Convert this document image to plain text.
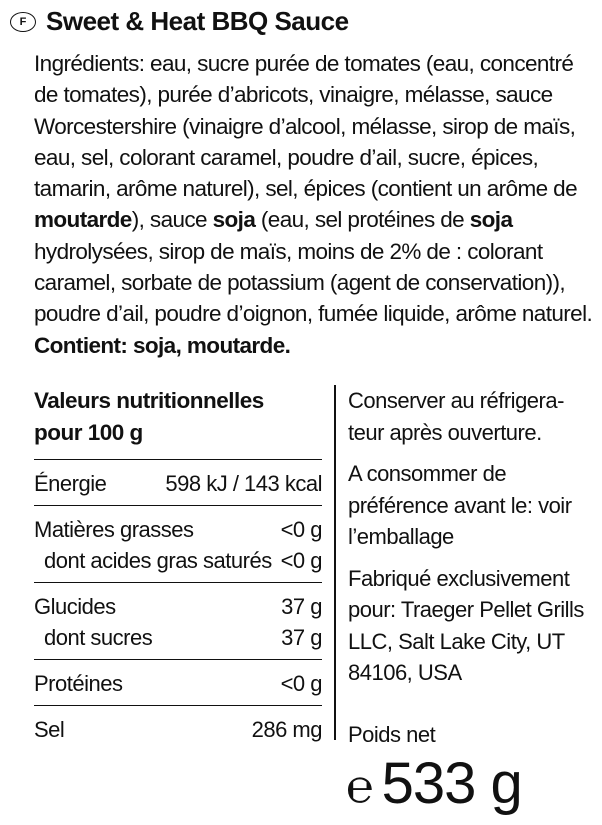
F Sweet & Heat BBQ Sauce
Ingrédients: eau, sucre purée de tomates (eau, concentré de tomates), purée d’abricots, vinaigre, mélasse, sauce Worcestershire (vinaigre d’alcool, mélasse, sirop de maïs, eau, sel, colorant caramel, poudre d’ail, sucre, épices, tamarin, arôme naturel), sel, épices (contient un arôme de moutarde), sauce soja (eau, sel protéines de soja hydrolysées, sirop de maïs, moins de 2% de : colorant caramel, sorbate de potassium (agent de conservation)), poudre d’ail, poudre d’oignon, fumée liquide, arôme naturel. Contient: soja, moutarde.
Valeurs nutritionnelles
pour 100 g
Énergie	598 kJ / 143 kcal
Matières grasses	<0 g
dont acides gras saturés <0 g
Glucides	37 g
dont sucres	37 g
Protéines	<0 g
Sel	286 mg

Conserver au réfrigera-teur après ouverture.

A consommer de préférence avant le: voir l’emballage

Fabriqué exclusivement pour: Traeger Pellet Grills LLC, Salt Lake City, UT 84106, USA

Poids net
℮ 533 g
